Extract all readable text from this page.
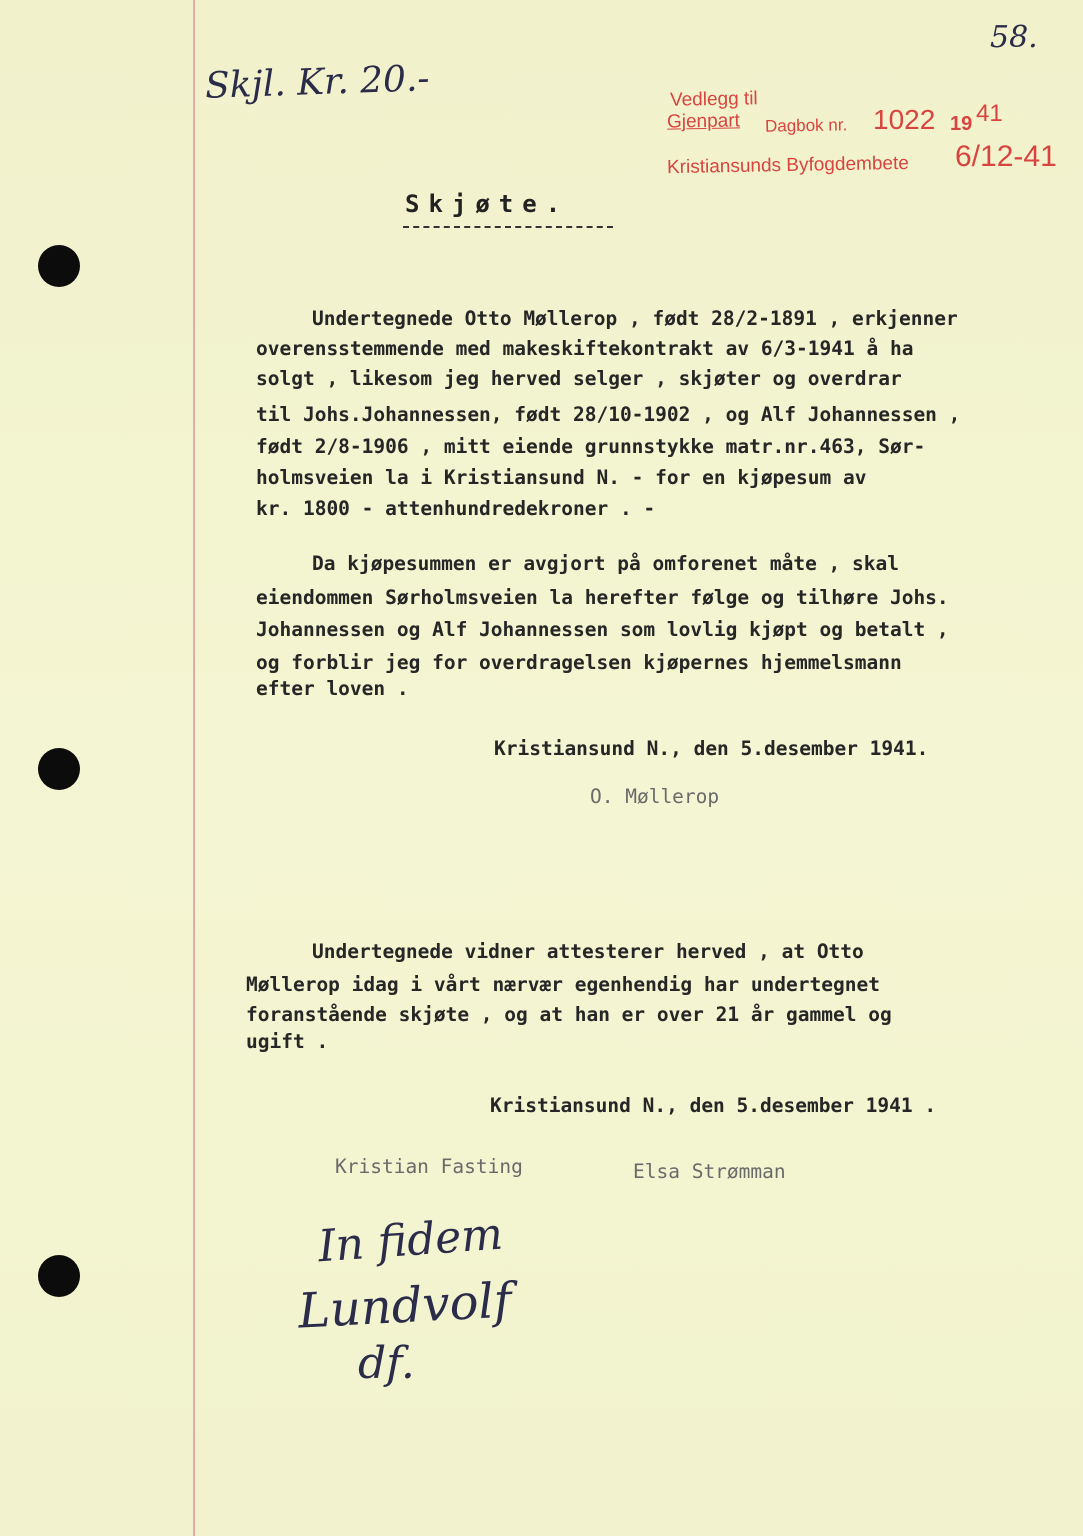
58.
Skjl. Kr. 20.-	Vedlegg til
Gjenpart Dagbok nr. 1022 19 41
Kristiansunds Byfogdembete 6/12-41
Skjøte.
Undertegnede Otto Møllerop , født 28/2-1891 , erkjenner
overensstemmende med makeskiftekontrakt av 6/3-1941 å ha
solgt , likesom jeg herved selger , skjøter og overdrar
til Johs.Johannessen, født 28/10-1902 , og Alf Johannessen ,
født 2/8-1906 , mitt eiende grunnstykke matr.nr.463, Sør-
holmsveien la i Kristiansund N. - for en kjøpesum av
kr. 1800 - attenhundredekroner . -
Da kjøpesummen er avgjort på omforenet måte , skal
eiendommen Sørholmsveien la herefter følge og tilhøre Johs.
Johannessen og Alf Johannessen som lovlig kjøpt og betalt ,
og forblir jeg for overdragelsen kjøpernes hjemmelsmann
efter loven .
Kristiansund N., den 5.desember 1941.
O. Møllerop
Undertegnede vidner attesterer herved , at Otto
Møllerop idag i vårt nærvær egenhendig har undertegnet
foranstående skjøte , og at han er over 21 år gammel og
ugift .
Kristiansund N., den 5.desember 1941 .
Kristian Fasting	Elsa Strømman
In fidem
Lundvolf
df.
